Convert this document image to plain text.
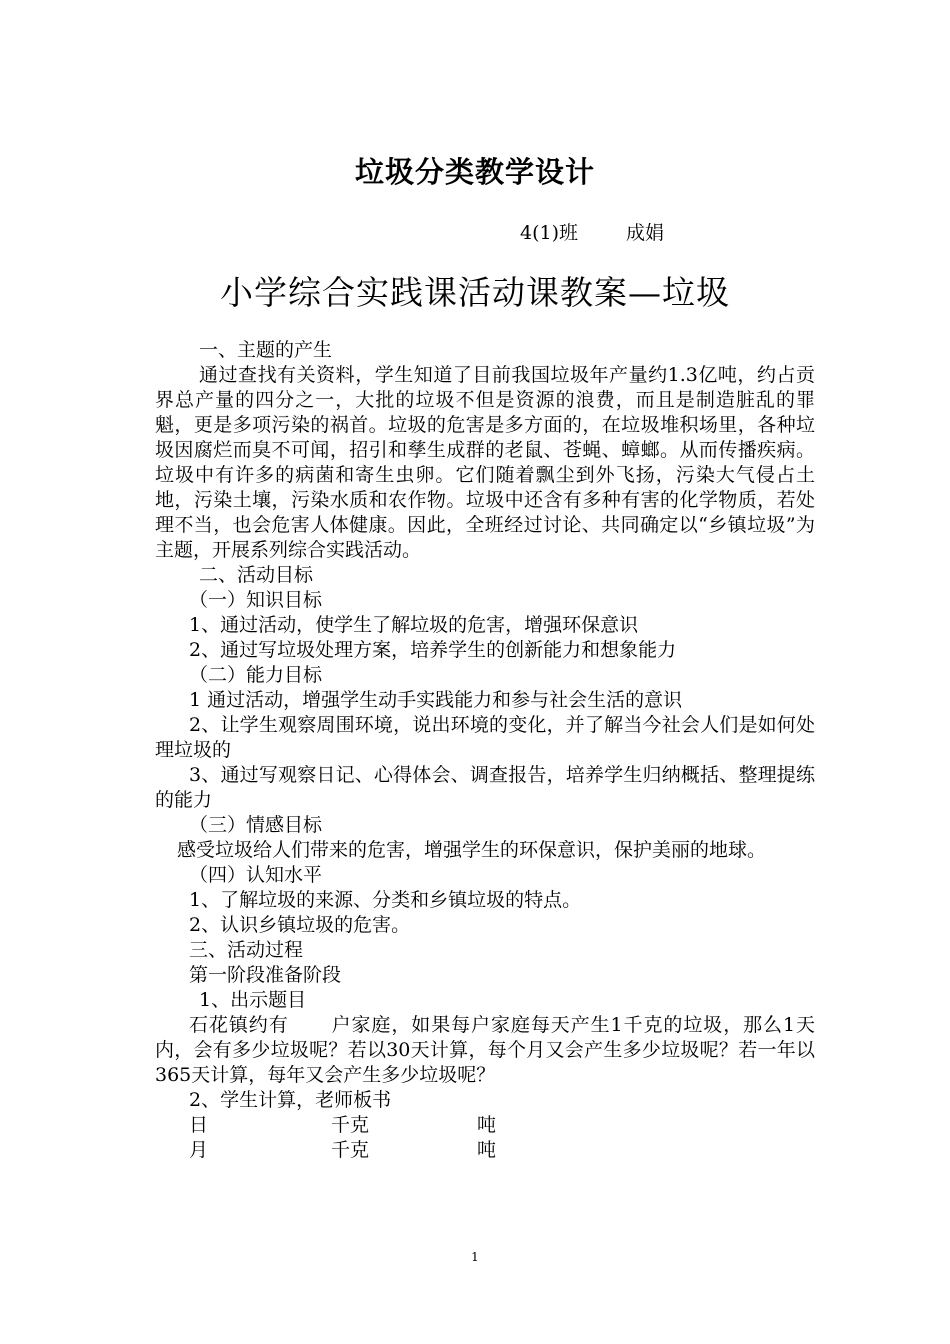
垃圾分类教学设计
4(1)班	成娟
小学综合实践课活动课教案—垃圾

一、主题的产生

通过查找有关资料，学生知道了目前我国垃圾年产量约1.3亿吨，约占贡界总产量的四分之一，大批的垃圾不但是资源的浪费，而且是制造脏乱的罪魁，更是多项污染的祸首。垃圾的危害是多方面的，在垃圾堆积场里，各种垃圾因腐烂而臭不可闻，招引和孳生成群的老鼠、苍蝇、蟑螂。从而传播疾病。垃圾中有许多的病菌和寄生虫卵。它们随着飘尘到外飞扬，污染大气侵占土地，污染土壤，污染水质和农作物。垃圾中还含有多种有害的化学物质，若处理不当，也会危害人体健康。因此，全班经过讨论、共同确定以“乡镇垃圾”为主题，开展系列综合实践活动。

二、活动目标

（一）知识目标

1、通过活动，使学生了解垃圾的危害，增强环保意识

2、通过写垃圾处理方案，培养学生的创新能力和想象能力

（二）能力目标

1 通过活动，增强学生动手实践能力和参与社会生活的意识

2、让学生观察周围环境，说出环境的变化，并了解当今社会人们是如何处理垃圾的

3、通过写观察日记、心得体会、调查报告，培养学生归纳概括、整理提练的能力

（三）情感目标

感受垃圾给人们带来的危害，增强学生的环保意识，保护美丽的地球。

（四）认知水平

1、了解垃圾的来源、分类和乡镇垃圾的特点。

2、认识乡镇垃圾的危害。

三、活动过程

第一阶段准备阶段

1、出示题目

石花镇约有 户家庭，如果每户家庭每天产生1千克的垃圾，那么1天内，会有多少垃圾呢？若以30天计算，每个月又会产生多少垃圾呢？若一年以365天计算，每年又会产生多少垃圾呢？

2、学生计算，老师板书

日	千克	吨

月	千克	吨

1
